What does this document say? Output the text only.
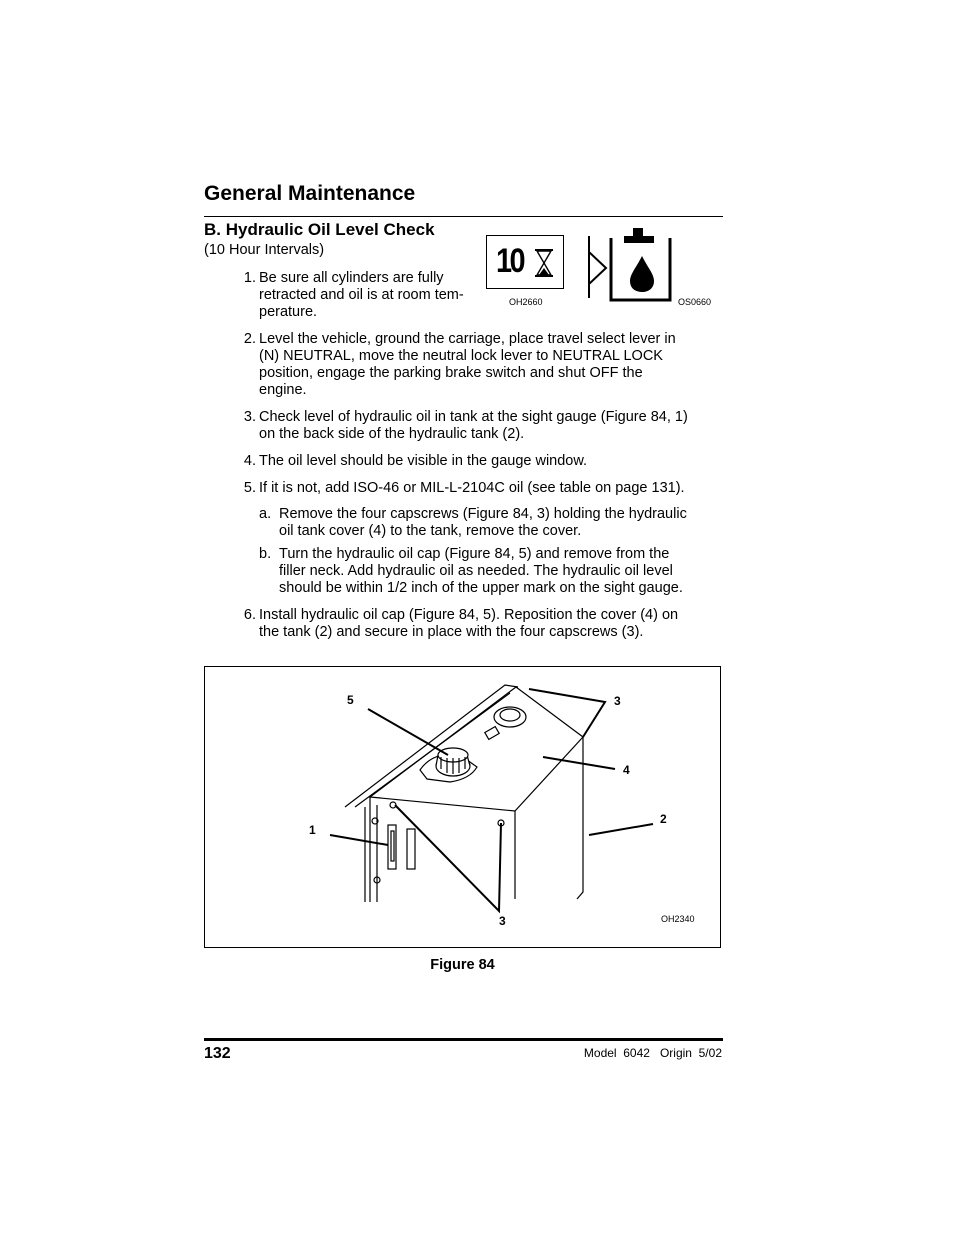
General Maintenance
B. Hydraulic Oil Level Check
(10 Hour Intervals)	10
OH2660	OS0660
1. Be sure all cylinders are fully
retracted and oil is at room tem-
perature.
2. Level the vehicle, ground the carriage, place travel select lever in
(N) NEUTRAL, move the neutral lock lever to NEUTRAL LOCK
position, engage the parking brake switch and shut OFF the
engine.
3. Check level of hydraulic oil in tank at the sight gauge (Figure 84, 1)
on the back side of the hydraulic tank (2).
4. The oil level should be visible in the gauge window.
5. If it is not, add ISO-46 or MIL-L-2104C oil (see table on page 131).
a. Remove the four capscrews (Figure 84, 3) holding the hydraulic
oil tank cover (4) to the tank, remove the cover.
b. Turn the hydraulic oil cap (Figure 84, 5) and remove from the
filler neck. Add hydraulic oil as needed. The hydraulic oil level
should be within 1/2 inch of the upper mark on the sight gauge.
6. Install hydraulic oil cap (Figure 84, 5). Reposition the cover (4) on
the tank (2) and secure in place with the four capscrews (3).
5	3
4
2
1
3	OH2340
Figure 84
132	Model  6042   Origin  5/02
